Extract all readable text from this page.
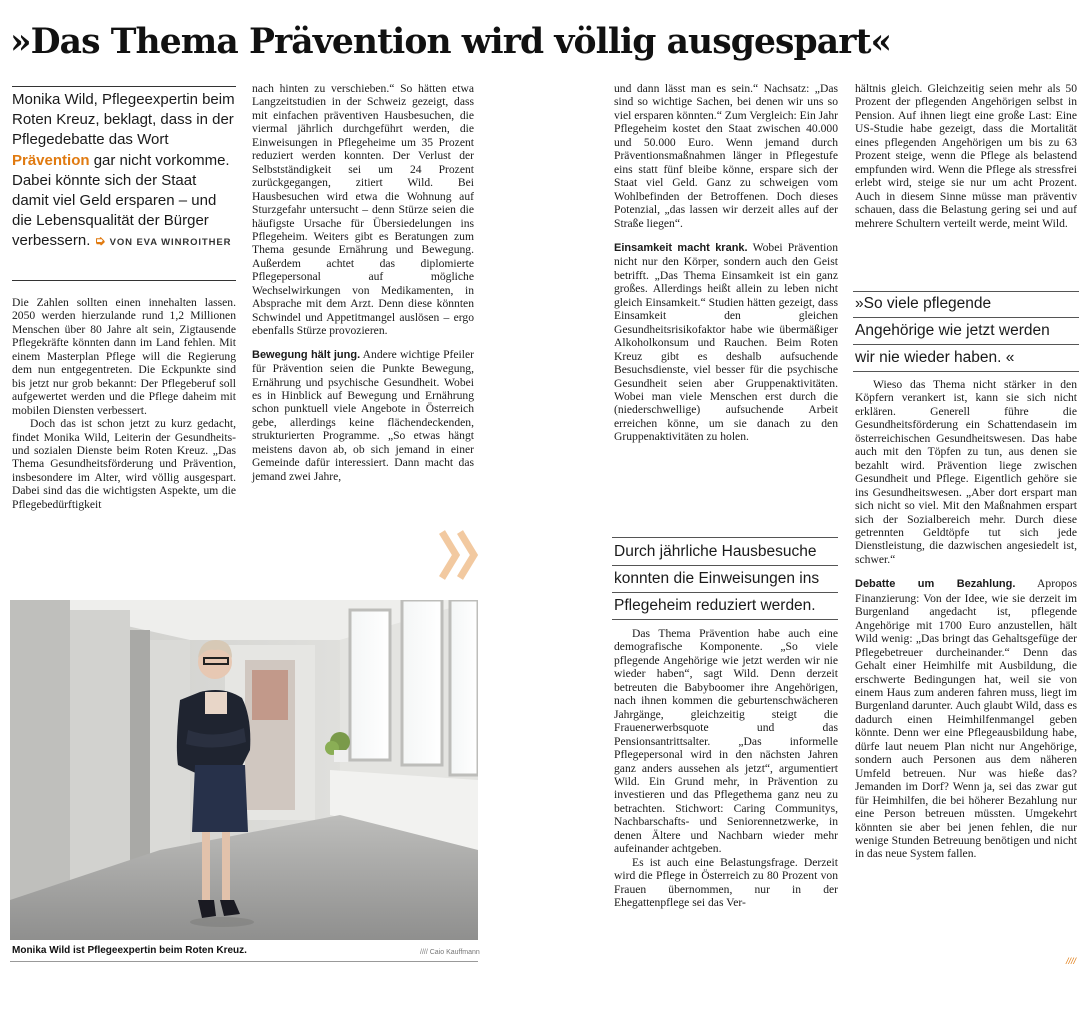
»Das Thema Prävention wird völlig ausgespart«
Monika Wild, Pflegeexpertin beim Roten Kreuz, beklagt, dass in der Pflegedebatte das Wort Prävention gar nicht vorkomme. Dabei könnte sich der Staat damit viel Geld ersparen – und die Lebensqualität der Bürger verbessern. ➭ VON EVA WINROITHER

Die Zahlen sollten einen innehalten lassen. 2050 werden hierzulande rund 1,2 Millionen Menschen über 80 Jahre alt sein, Zigtausende Pflegekräfte könnten dann im Land fehlen. Mit einem Masterplan Pflege will die Regierung dem nun entgegentreten. Die Eckpunkte sind bis jetzt nur grob bekannt: Der Pflegeberuf soll aufgewertet werden und die Pflege daheim mit mobilen Diensten verbessert.

Doch das ist schon jetzt zu kurz gedacht, findet Monika Wild, Leiterin der Gesundheits- und sozialen Dienste beim Roten Kreuz. „Das Thema Gesundheitsförderung und Prävention, insbesondere im Alter, wird völlig ausgespart. Dabei sind das die wichtigsten Aspekte, um die Pflegebedürftigkeit

nach hinten zu verschieben.“ So hätten etwa Langzeitstudien in der Schweiz gezeigt, dass mit einfachen präventiven Hausbesuchen, die viermal jährlich durchgeführt werden, die Einweisungen in Pflegeheime um 35 Prozent reduziert werden konnten. Der Verlust der Selbstständigkeit sei um 24 Prozent zurückgegangen, zitiert Wild. Bei Hausbesuchen wird etwa die Wohnung auf Sturzgefahr untersucht – denn Stürze seien die häufigste Ursache für Übersiedelungen ins Pflegeheim. Weiters gibt es Beratungen zum Thema gesunde Ernährung und Bewegung. Außerdem achtet das diplomierte Pflegepersonal auf mögliche Wechselwirkungen von Medikamenten, in Absprache mit dem Arzt. Denn diese könnten Schwindel und Appetitmangel auslösen – ergo ebenfalls Stürze provozieren.

Bewegung hält jung. Andere wichtige Pfeiler für Prävention seien die Punkte Bewegung, Ernährung und psychische Gesundheit. Wobei es in Hinblick auf Bewegung und Ernährung schon punktuell viele Angebote in Österreich gebe, allerdings keine flächendeckenden, strukturierten Programme. „So etwas hängt meistens davon ab, ob sich jemand in einer Gemeinde dafür interessiert. Dann macht das jemand zwei Jahre,

Monika Wild ist Pflegeexpertin beim Roten Kreuz.	//// Caio Kauffmann

und dann lässt man es sein.“ Nachsatz: „Das sind so wichtige Sachen, bei denen wir uns so viel ersparen könnten.“ Zum Vergleich: Ein Jahr Pflegeheim kostet den Staat zwischen 40.000 und 50.000 Euro. Wenn jemand durch Präventionsmaßnahmen länger in Pflegestufe eins statt fünf bleibe könne, erspare sich der Staat viel Geld. Ganz zu schweigen vom Wohlbefinden der Betroffenen. Doch dieses Potenzial, „das lassen wir derzeit alles auf der Straße liegen“.

Einsamkeit macht krank. Wobei Prävention nicht nur den Körper, sondern auch den Geist betrifft. „Das Thema Einsamkeit ist ein ganz großes. Allerdings heißt allein zu leben nicht gleich Einsamkeit.“ Studien hätten gezeigt, dass Einsamkeit den gleichen Gesundheitsrisikofaktor habe wie übermäßiger Alkoholkonsum und Rauchen. Beim Roten Kreuz gibt es deshalb aufsuchende Besuchsdienste, viel besser für die psychische Gesundheit seien aber Gruppenaktivitäten. Wobei man viele Menschen erst durch die (niederschwellige) aufsuchende Arbeit erreichen könne, um sie danach zu den Gruppenaktivitäten zu holen.

Durch jährliche Hausbesuche
konnten die Einweisungen ins
Pflegeheim reduziert werden.

Das Thema Prävention habe auch eine demografische Komponente. „So viele pflegende Angehörige wie jetzt werden wir nie wieder haben“, sagt Wild. Denn derzeit betreuten die Babyboomer ihre Angehörigen, nach ihnen kommen die geburtenschwächeren Jahrgänge, gleichzeitig steigt die Frauenerwerbsquote und das Pensionsantrittsalter. „Das informelle Pflegepersonal wird in den nächsten Jahren ganz anders aussehen als jetzt“, argumentiert Wild. Ein Grund mehr, in Prävention zu investieren und das Pflegethema ganz neu zu betrachten. Stichwort: Caring Communitys, Nachbarschafts- und Seniorennetzwerke, in denen Ältere und Nachbarn wieder mehr aufeinander achtgeben.

Es ist auch eine Belastungsfrage. Derzeit wird die Pflege in Österreich zu 80 Prozent von Frauen übernommen, nur in der Ehegattenpflege sei das Ver-

hältnis gleich. Gleichzeitig seien mehr als 50 Prozent der pflegenden Angehörigen selbst in Pension. Auf ihnen liegt eine große Last: Eine US-Studie habe gezeigt, dass die Mortalität eines pflegenden Angehörigen um bis zu 63 Prozent steige, wenn die Pflege als belastend empfunden wird. Wenn die Pflege als stressfrei erlebt wird, steige sie nur um acht Prozent. Auch in diesem Sinne müsse man präventiv schauen, dass die Belastung gering sei und auf mehrere Schultern verteilt werde, meint Wild.

»So viele pflegende
Angehörige wie jetzt werden
wir nie wieder haben. «

Wieso das Thema nicht stärker in den Köpfern verankert ist, kann sie sich nicht erklären. Generell führe die Gesundheitsförderung ein Schattendasein im österreichischen Gesundheitswesen. Das habe auch mit den Töpfen zu tun, aus denen sie bezahlt wird. Prävention liege zwischen Gesundheit und Pflege. Eigentlich gehöre sie ins Gesundheitswesen. „Aber dort erspart man sich nicht so viel. Mit den Maßnahmen erspart sich der Sozialbereich mehr. Durch diese getrennten Geldtöpfe tut sich jede Dienstleistung, die dazwischen angesiedelt ist, schwer.“

Debatte um Bezahlung. Apropos Finanzierung: Von der Idee, wie sie derzeit im Burgenland angedacht ist, pflegende Angehörige mit 1700 Euro anzustellen, hält Wild wenig: „Das bringt das Gehaltsgefüge der Pflegebetreuer durcheinander.“ Denn das Gehalt einer Heimhilfe mit Ausbildung, die erschwerte Bedingungen hat, weil sie von einem Haus zum anderen fahren muss, liegt im Burgenland darunter. Auch glaubt Wild, dass es dadurch einen Heimhilfenmangel geben könnte. Denn wer eine Pflegeausbildung habe, dürfe laut neuem Plan nicht nur Angehörige, sondern auch Personen aus dem näheren Umfeld betreuen. Nur was hieße das? Jemanden im Dorf? Wenn ja, sei das zwar gut für Heimhilfen, die bei höherer Bezahlung nur eine Person betreuen müssten. Umgekehrt könnten sie aber bei jenen fehlen, die nur wenige Stunden Betreuung benötigen und nicht in das neue System fallen.

////
